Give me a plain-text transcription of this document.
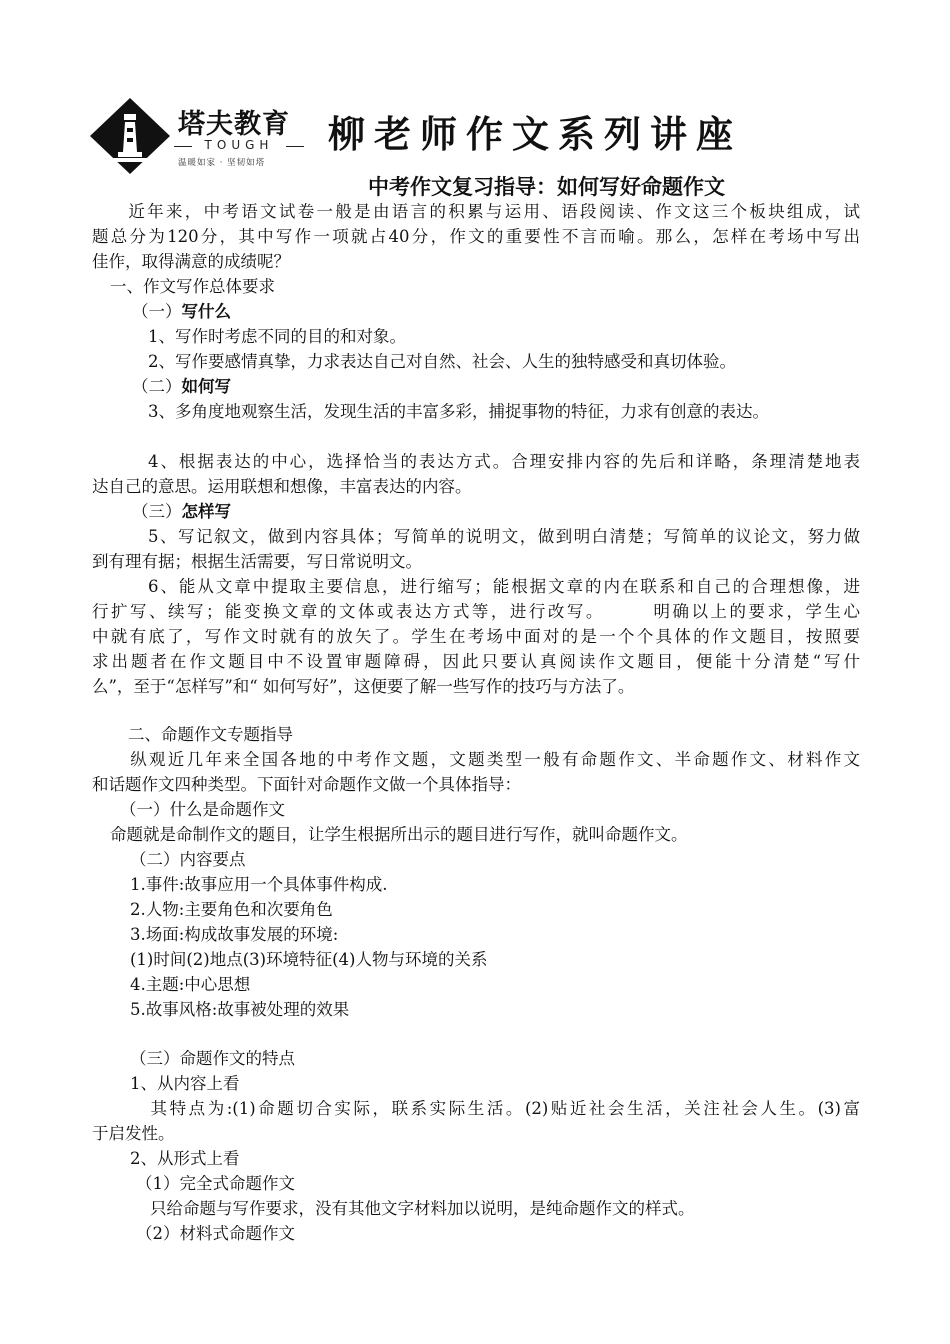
塔夫教育
TOUGH
温暖如家 · 坚韧如塔
柳老师作文系列讲座
中考作文复习指导：如何写好命题作文
近年来，中考语文试卷一般是由语言的积累与运用、语段阅读、作文这三个板块组成，试
题总分为120分，其中写作一项就占40分，作文的重要性不言而喻。那么，怎样在考场中写出
佳作，取得满意的成绩呢？
一、作文写作总体要求
（一）写什么
1、写作时考虑不同的目的和对象。
2、写作要感情真挚，力求表达自己对自然、社会、人生的独特感受和真切体验。
（二）如何写
3、多角度地观察生活，发现生活的丰富多彩，捕捉事物的特征，力求有创意的表达。
4、根据表达的中心，选择恰当的表达方式。合理安排内容的先后和详略，条理清楚地表
达自己的意思。运用联想和想像，丰富表达的内容。
（三）怎样写
5、写记叙文，做到内容具体；写简单的说明文，做到明白清楚；写简单的议论文，努力做
到有理有据；根据生活需要，写日常说明文。
6、能从文章中提取主要信息，进行缩写；能根据文章的内在联系和自己的合理想像，进
行扩写、续写；能变换文章的文体或表达方式等，进行改写。　　　明确以上的要求，学生心
中就有底了，写作文时就有的放矢了。学生在考场中面对的是一个个具体的作文题目，按照要
求出题者在作文题目中不设置审题障碍，因此只要认真阅读作文题目，便能十分清楚“写什
么”，至于“怎样写”和“ 如何写好”，这便要了解一些写作的技巧与方法了。
二、命题作文专题指导
纵观近几年来全国各地的中考作文题，文题类型一般有命题作文、半命题作文、材料作文
和话题作文四种类型。下面针对命题作文做一个具体指导：
（一）什么是命题作文
命题就是命制作文的题目，让学生根据所出示的题目进行写作，就叫命题作文。
（二）内容要点
1.事件:故事应用一个具体事件构成.
2.人物:主要角色和次要角色
3.场面:构成故事发展的环境:
(1)时间(2)地点(3)环境特征(4)人物与环境的关系
4.主题:中心思想
5.故事风格:故事被处理的效果
（三）命题作文的特点
1、从内容上看
其特点为:(1)命题切合实际，联系实际生活。(2)贴近社会生活，关注社会人生。(3)富
于启发性。
2、从形式上看
（1）完全式命题作文
只给命题与写作要求，没有其他文字材料加以说明，是纯命题作文的样式。
（2）材料式命题作文
